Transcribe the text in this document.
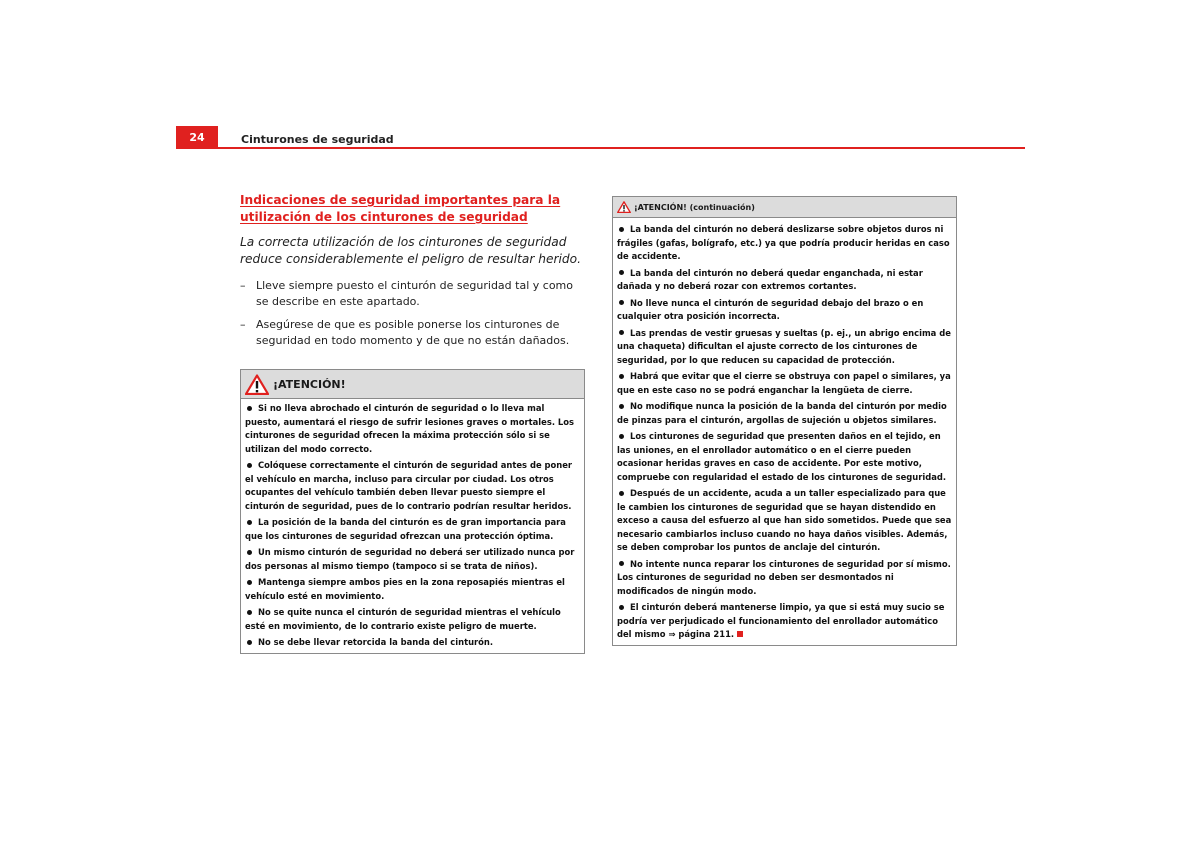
24	Cinturones de seguridad
Indicaciones de seguridad importantes para la utilización de los cinturones de seguridad

La correcta utilización de los cinturones de seguridad reduce considerablemente el peligro de resultar herido.

– Lleve siempre puesto el cinturón de seguridad tal y como se describe en este apartado.
– Asegúrese de que es posible ponerse los cinturones de seguridad en todo momento y de que no están dañados.
¡ATENCIÓN!
Si no lleva abrochado el cinturón de seguridad o lo lleva mal puesto, aumentará el riesgo de sufrir lesiones graves o mortales. Los cinturones de seguridad ofrecen la máxima protección sólo si se utilizan del modo correcto.
Colóquese correctamente el cinturón de seguridad antes de poner el vehículo en marcha, incluso para circular por ciudad. Los otros ocupantes del vehículo también deben llevar puesto siempre el cinturón de seguridad, pues de lo contrario podrían resultar heridos.
La posición de la banda del cinturón es de gran importancia para que los cinturones de seguridad ofrezcan una protección óptima.
Un mismo cinturón de seguridad no deberá ser utilizado nunca por dos personas al mismo tiempo (tampoco si se trata de niños).
Mantenga siempre ambos pies en la zona reposapiés mientras el vehículo esté en movimiento.
No se quite nunca el cinturón de seguridad mientras el vehículo esté en movimiento, de lo contrario existe peligro de muerte.
No se debe llevar retorcida la banda del cinturón.
¡ATENCIÓN! (continuación)
La banda del cinturón no deberá deslizarse sobre objetos duros ni frágiles (gafas, bolígrafo, etc.) ya que podría producir heridas en caso de accidente.
La banda del cinturón no deberá quedar enganchada, ni estar dañada y no deberá rozar con extremos cortantes.
No lleve nunca el cinturón de seguridad debajo del brazo o en cualquier otra posición incorrecta.
Las prendas de vestir gruesas y sueltas (p. ej., un abrigo encima de una chaqueta) dificultan el ajuste correcto de los cinturones de seguridad, por lo que reducen su capacidad de protección.
Habrá que evitar que el cierre se obstruya con papel o similares, ya que en este caso no se podrá enganchar la lengüeta de cierre.
No modifique nunca la posición de la banda del cinturón por medio de pinzas para el cinturón, argollas de sujeción u objetos similares.
Los cinturones de seguridad que presenten daños en el tejido, en las uniones, en el enrollador automático o en el cierre pueden ocasionar heridas graves en caso de accidente. Por este motivo, compruebe con regularidad el estado de los cinturones de seguridad.
Después de un accidente, acuda a un taller especializado para que le cambien los cinturones de seguridad que se hayan distendido en exceso a causa del esfuerzo al que han sido sometidos. Puede que sea necesario cambiarlos incluso cuando no haya daños visibles. Además, se deben comprobar los puntos de anclaje del cinturón.
No intente nunca reparar los cinturones de seguridad por sí mismo. Los cinturones de seguridad no deben ser desmontados ni modificados de ningún modo.
El cinturón deberá mantenerse limpio, ya que si está muy sucio se podría ver perjudicado el funcionamiento del enrollador automático del mismo ⇒ página 211.
